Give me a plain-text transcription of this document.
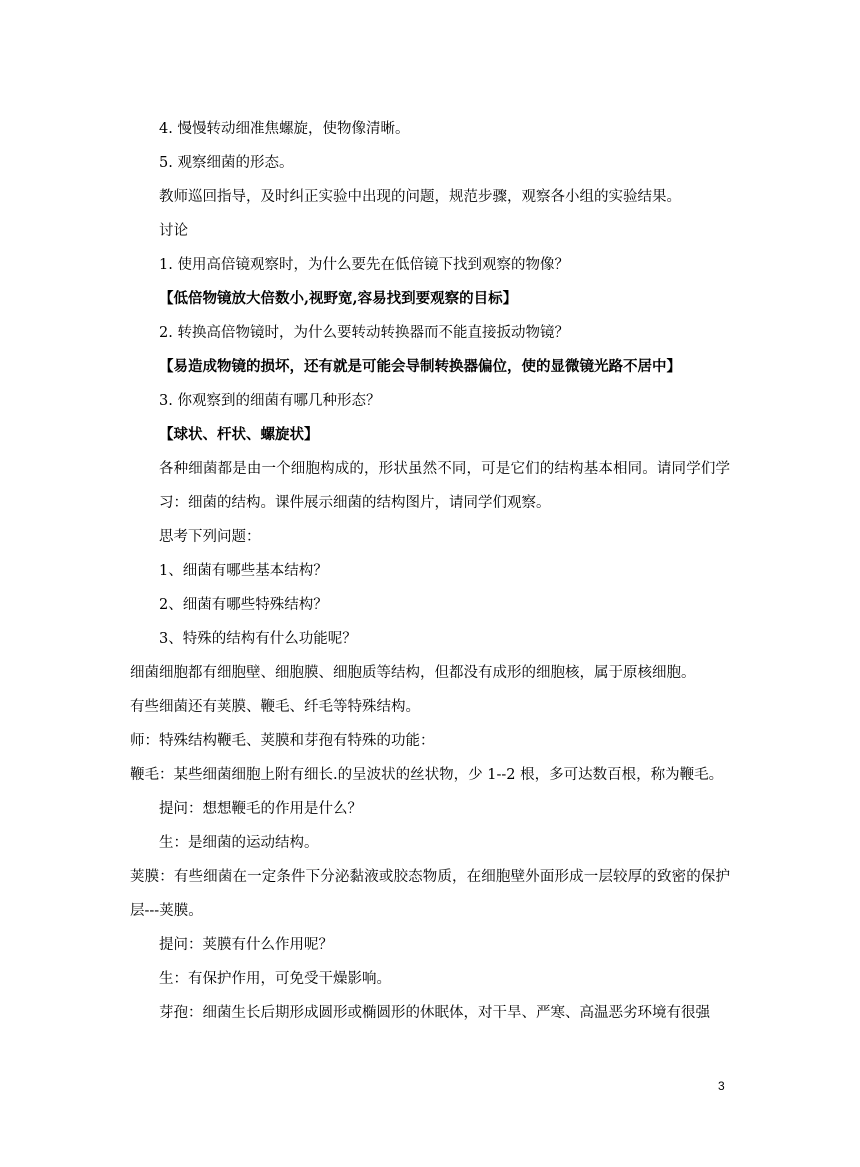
4. 慢慢转动细准焦螺旋，使物像清晰。

5. 观察细菌的形态。

教师巡回指导，及时纠正实验中出现的问题，规范步骤，观察各小组的实验结果。

讨论

1. 使用高倍镜观察时，为什么要先在低倍镜下找到观察的物像？

【低倍物镜放大倍数小,视野宽,容易找到要观察的目标】

2. 转换高倍物镜时，为什么要转动转换器而不能直接扳动物镜？

【易造成物镜的损坏，还有就是可能会导制转换器偏位，使的显微镜光路不居中】

3. 你观察到的细菌有哪几种形态？

【球状、杆状、螺旋状】

各种细菌都是由一个细胞构成的，形状虽然不同，可是它们的结构基本相同。请同学们学习：细菌的结构。课件展示细菌的结构图片，请同学们观察。

思考下列问题：

1、细菌有哪些基本结构？

2、细菌有哪些特殊结构？

3、特殊的结构有什么功能呢？

细菌细胞都有细胞壁、细胞膜、细胞质等结构，但都没有成形的细胞核，属于原核细胞。

有些细菌还有荚膜、鞭毛、纤毛等特殊结构。

师：特殊结构鞭毛、荚膜和芽孢有特殊的功能：

鞭毛：某些细菌细胞上附有细长.的呈波状的丝状物，少 1--2 根，多可达数百根，称为鞭毛。

提问：想想鞭毛的作用是什么？

生：是细菌的运动结构。

荚膜：有些细菌在一定条件下分泌黏液或胶态物质，在细胞壁外面形成一层较厚的致密的保护层---荚膜。

提问：荚膜有什么作用呢？

生：有保护作用，可免受干燥影响。

芽孢：细菌生长后期形成圆形或椭圆形的休眠体，对干旱、严寒、高温恶劣环境有很强

3
